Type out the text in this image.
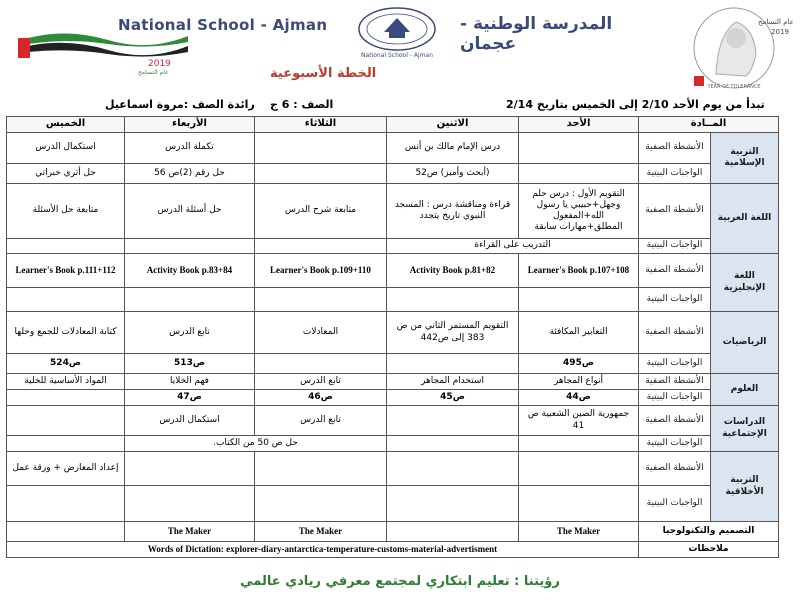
National School - Ajman	المدرسة الوطنية - عجمان
2019
عام التسامح
National School - Ajman
عام التسامح
2019
YEAR OF TOLERANCE
الخطة الأسبوعية
رائدة الصف :مروة اسماعيل الصف : 6 ج	تبدأ من يوم الأحد 2/10 إلى الخميس بتاريخ 2/14
الخميس	الأربعاء	الثلاثاء	الاثنين	الأحد	المــادة	
استكمال الدرس	تكملة الدرس		درس الإمام مالك بن أنس		الأنشطة الصفية	التربية الإسلامية
حل أثري خبراتي	حل رقم (2)ص 56		(أبحث وأميز) ص52		الواجبات البيتية	
متابعة حل الأسئلة	حل أسئلة الدرس	متابعة شرح الدرس	قراءة ومناقشة درس : المسجد النبوي تاريخ يتجدد	التقويم الأول : درس حلم وجهل+حبيبي يا رسول الله+المفعول المطلق+مهارات سابقة	الأنشطة الصفية	اللغة العربية
			التدريب على القراءة		الواجبات البيتية	
Learner's Book p.111+112	Activity Book p.83+84	Learner's Book p.109+110	Activity Book p.81+82	Learner's Book p.107+108	الأنشطة الصفية	اللغة الإنجليزية
					الواجبات البيتية	
كتابة المعادلات للجمع وحلها	تابع الدرس	المعادلات	التقويم المستمر الثاني من ص 383 إلى ص442	التعابير المكافئة	الأنشطة الصفية	الرياضيات
ص524	ص513			ص495	الواجبات البيتية	
المواد الأساسية للخلية	فهم الخلايا	تابع الدرس	استخدام المجاهر	أنواع المجاهر	الأنشطة الصفية	العلوم
	ص47	ص46	ص45	ص44	الواجبات البيتية	
	استكمال الدرس	تابع الدرس		جمهورية الصين الشعبية ص 41	الأنشطة الصفية	الدراسات الإجتماعية
	حل ص 50 من الكتاب.				الواجبات البيتية	
إعداد المعارض + ورقة عمل					الأنشطة الصفية	التربية الأخلاقية
					الواجبات البيتية	
	The Maker	The Maker		The Maker	التصميم والتكنولوجيا	
Words of Dictation: explorer-diary-antarctica-temperature-customs-material-advertisment					ملاحظات	
رؤيتنا : تعليم ابتكاري لمجتمع معرفي ريادي عالمي
